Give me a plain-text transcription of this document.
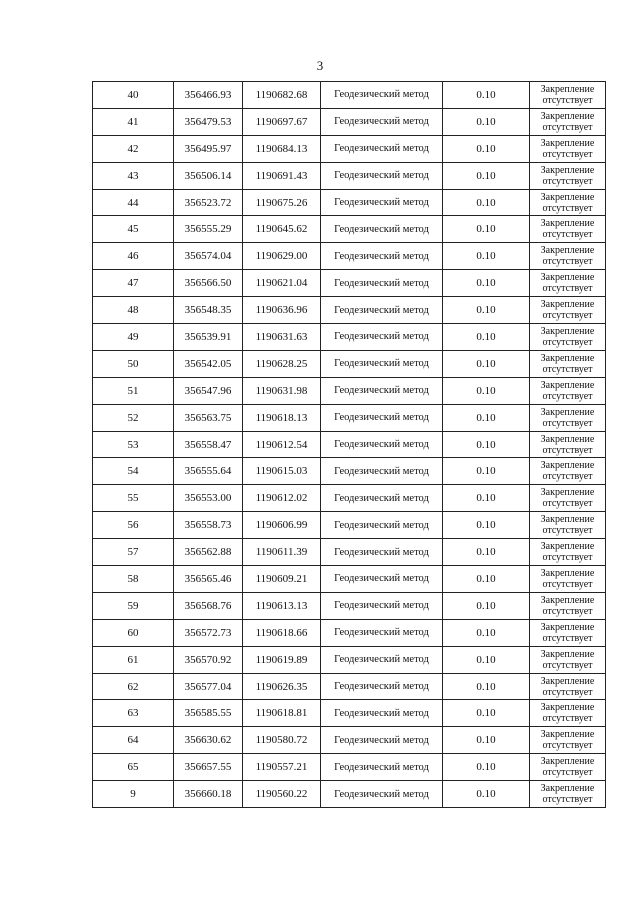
3
40	356466.93	1190682.68	Геодезический метод	0.10	Закрепление отсутствует
41	356479.53	1190697.67	Геодезический метод	0.10	Закрепление отсутствует
42	356495.97	1190684.13	Геодезический метод	0.10	Закрепление отсутствует
43	356506.14	1190691.43	Геодезический метод	0.10	Закрепление отсутствует
44	356523.72	1190675.26	Геодезический метод	0.10	Закрепление отсутствует
45	356555.29	1190645.62	Геодезический метод	0.10	Закрепление отсутствует
46	356574.04	1190629.00	Геодезический метод	0.10	Закрепление отсутствует
47	356566.50	1190621.04	Геодезический метод	0.10	Закрепление отсутствует
48	356548.35	1190636.96	Геодезический метод	0.10	Закрепление отсутствует
49	356539.91	1190631.63	Геодезический метод	0.10	Закрепление отсутствует
50	356542.05	1190628.25	Геодезический метод	0.10	Закрепление отсутствует
51	356547.96	1190631.98	Геодезический метод	0.10	Закрепление отсутствует
52	356563.75	1190618.13	Геодезический метод	0.10	Закрепление отсутствует
53	356558.47	1190612.54	Геодезический метод	0.10	Закрепление отсутствует
54	356555.64	1190615.03	Геодезический метод	0.10	Закрепление отсутствует
55	356553.00	1190612.02	Геодезический метод	0.10	Закрепление отсутствует
56	356558.73	1190606.99	Геодезический метод	0.10	Закрепление отсутствует
57	356562.88	1190611.39	Геодезический метод	0.10	Закрепление отсутствует
58	356565.46	1190609.21	Геодезический метод	0.10	Закрепление отсутствует
59	356568.76	1190613.13	Геодезический метод	0.10	Закрепление отсутствует
60	356572.73	1190618.66	Геодезический метод	0.10	Закрепление отсутствует
61	356570.92	1190619.89	Геодезический метод	0.10	Закрепление отсутствует
62	356577.04	1190626.35	Геодезический метод	0.10	Закрепление отсутствует
63	356585.55	1190618.81	Геодезический метод	0.10	Закрепление отсутствует
64	356630.62	1190580.72	Геодезический метод	0.10	Закрепление отсутствует
65	356657.55	1190557.21	Геодезический метод	0.10	Закрепление отсутствует
9	356660.18	1190560.22	Геодезический метод	0.10	Закрепление отсутствует
